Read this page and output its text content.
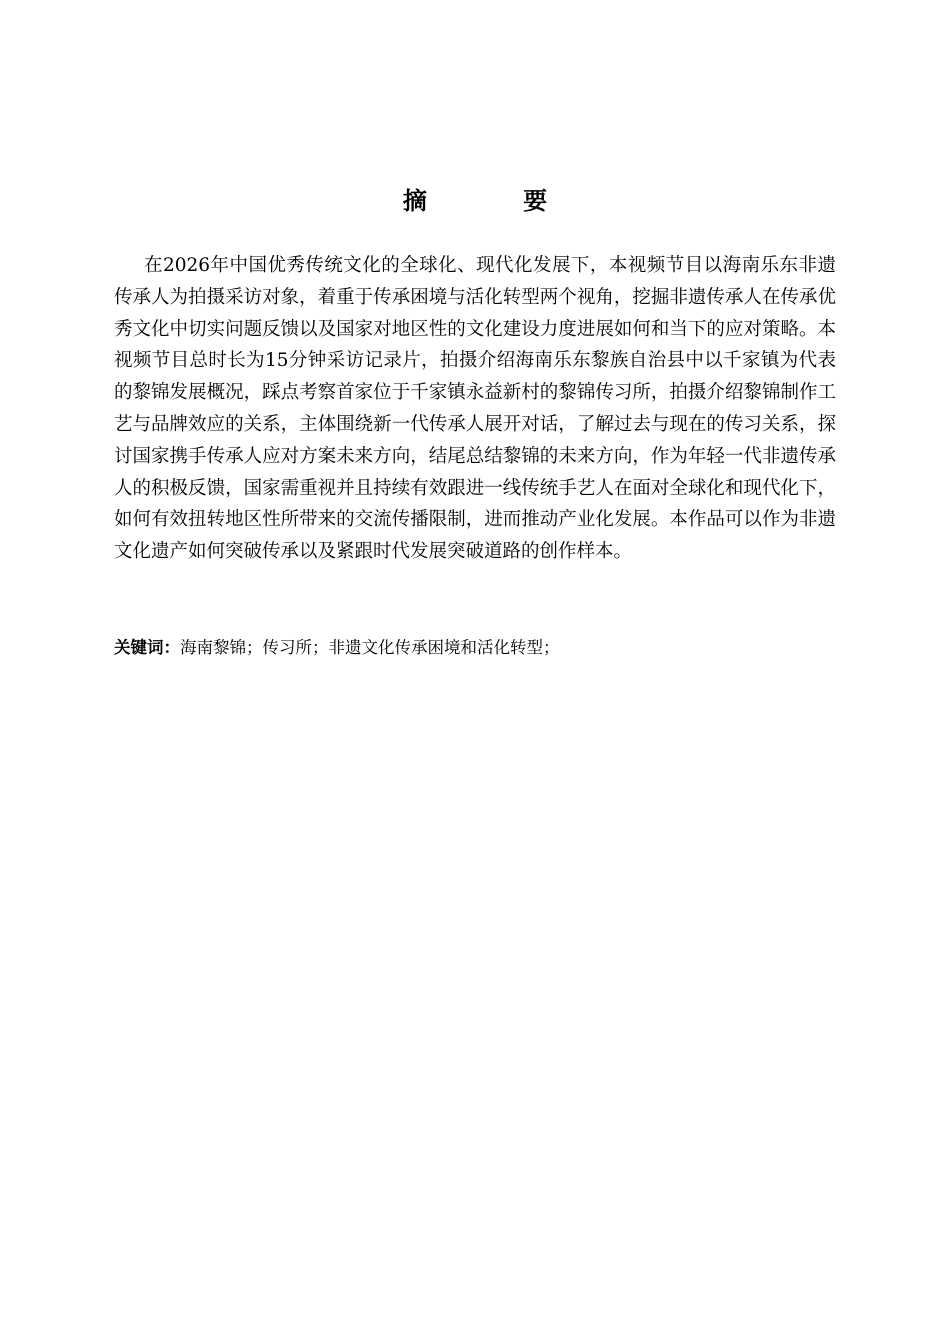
摘 要

在2026年中国优秀传统文化的全球化、现代化发展下，本视频节目以海南乐东非遗传承人为拍摄采访对象，着重于传承困境与活化转型两个视角，挖掘非遗传承人在传承优秀文化中切实问题反馈以及国家对地区性的文化建设力度进展如何和当下的应对策略。本视频节目总时长为15分钟采访记录片，拍摄介绍海南乐东黎族自治县中以千家镇为代表的黎锦发展概况，踩点考察首家位于千家镇永益新村的黎锦传习所，拍摄介绍黎锦制作工艺与品牌效应的关系，主体围绕新一代传承人展开对话，了解过去与现在的传习关系，探讨国家携手传承人应对方案未来方向，结尾总结黎锦的未来方向，作为年轻一代非遗传承人的积极反馈，国家需重视并且持续有效跟进一线传统手艺人在面对全球化和现代化下，如何有效扭转地区性所带来的交流传播限制，进而推动产业化发展。本作品可以作为非遗文化遗产如何突破传承以及紧跟时代发展突破道路的创作样本。

关键词：海南黎锦；传习所；非遗文化传承困境和活化转型；
